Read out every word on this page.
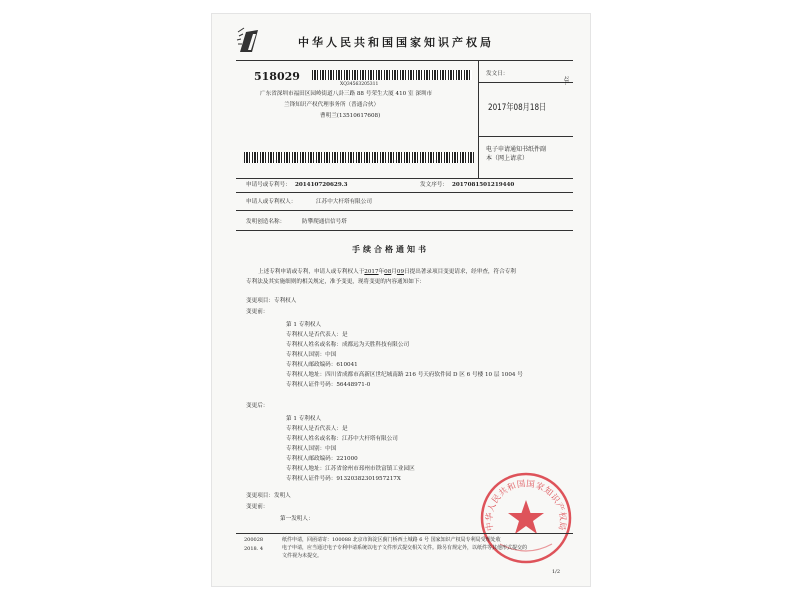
中华人民共和国国家知识产权局
518029
XQ34563205311
广东省深圳市福田区园岭街道八卦三路 88 号荣生大厦 410 室 深圳市
兰锋知识产权代理事务所（普通合伙）
曹明兰(13510617608)
发文日：
2017年08月18日
2JL
电子申请通知书纸件副
本（网上请求）
申请号或专利号： 201410720629.3	发文序号： 2017081501219440
申请人或专利权人：	江苏中大杆塔有限公司
发明创造名称：	防攀爬通信信号塔
手续合格通知书
上述专利申请或专利，申请人或专利权人于2017年08月09日提出著录项目变更请求，经审查，符合专利
专利法及其实施细则的相关规定，准予变更，现将变更的内容通知如下：
变更项目：专利权人
变更前：
第 1 专利权人
专利权人是否代表人：是
专利权人姓名或名称：成都远为天胜科技有限公司
专利权人国别：中国
专利权人邮政编码：610041
专利权人地址：四川省成都市高新区世纪城南路 216 号天府软件园 D 区 6 号楼 10 层 1004 号
专利权人证件号码：56448971-0
变更后：
第 1 专利权人
专利权人是否代表人：是
专利权人姓名或名称：江苏中大杆塔有限公司
专利权人国别：中国
专利权人邮政编码：221000
专利权人地址：江苏省徐州市邳州市铁富镇工业园区
专利权人证件号码：91320382301957217X
变更项目：发明人
变更前：
第一发明人：
中华人民共和国国家知识产权局
200028
2018. 4
纸件申请，回函请寄：100088 北京市海淀区蓟门桥西土城路 6 号 国家知识产权局专利局受理处收
电子申请，应当通过电子专利申请系统以电子文件形式提交相关文件。除另有规定外，以纸件等其他形式提交的
文件视为未提交。
1/2
